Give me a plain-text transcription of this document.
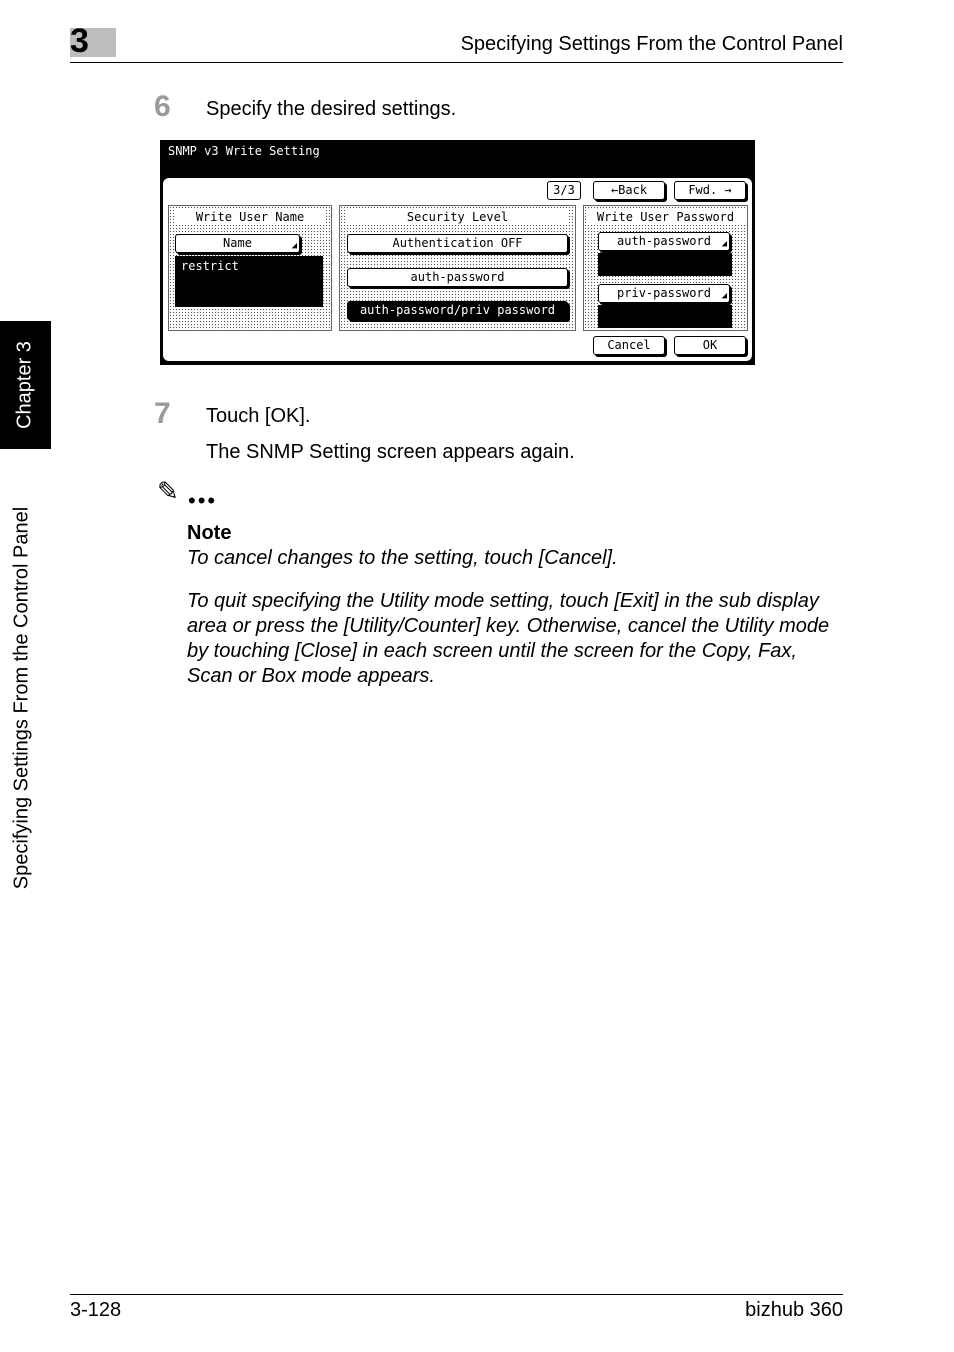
3	Specifying Settings From the Control Panel
Chapter 3
Specifying Settings From the Control Panel
6 Specify the desired settings.
SNMP v3 Write Setting
3/3	←Back	Fwd. →
Write User Name
Name	◢
restrict
Security Level
Authentication OFF
auth-password
auth-password/priv password
Write User Password
auth-password ◢
priv-password ◢
Cancel	OK
7 Touch [OK].
The SNMP Setting screen appears again.
✎ •••
Note
To cancel changes to the setting, touch [Cancel].
To quit specifying the Utility mode setting, touch [Exit] in the sub display area or press the [Utility/Counter] key. Otherwise, cancel the Utility mode by touching [Close] in each screen until the screen for the Copy, Fax, Scan or Box mode appears.
3-128	bizhub 360
